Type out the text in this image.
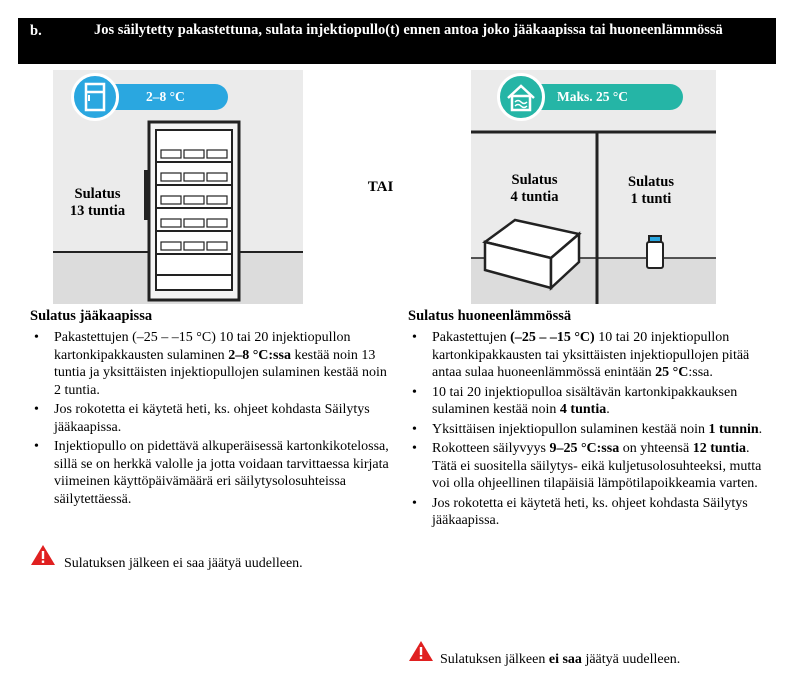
b.	Jos säilytetty pakastettuna, sulata injektiopullo(t) ennen antoa joko jääkaapissa tai huoneenlämmössä
2–8 °C
Sulatus
13 tuntia
TAI
Maks. 25 °C
Sulatus
4 tuntia
Sulatus
1 tunti
Sulatus jääkaapissa
• Pakastettujen (–25 – –15 °C) 10 tai 20 injektiopullon kartonkipakkausten sulaminen 2–8 °C:ssa kestää noin 13 tuntia ja yksittäisten injektiopullojen sulaminen kestää noin 2 tuntia.
• Jos rokotetta ei käytetä heti, ks. ohjeet kohdasta Säilytys jääkaapissa.
• Injektiopullo on pidettävä alkuperäisessä kartonkikotelossa, sillä se on herkkä valolle ja jotta voidaan tarvittaessa kirjata viimeinen käyttöpäivämäärä eri säilytysolosuhteissa säilytettäessä.
Sulatuksen jälkeen ei saa jäätyä uudelleen.
Sulatus huoneenlämmössä
• Pakastettujen (–25 – –15 °C) 10 tai 20 injektiopullon kartonkipakkausten tai yksittäisten injektiopullojen pitää antaa sulaa huoneenlämmössä enintään 25 °C:ssa.
• 10 tai 20 injektiopulloa sisältävän kartonkipakkauksen sulaminen kestää noin 4 tuntia.
• Yksittäisen injektiopullon sulaminen kestää noin 1 tunnin.
• Rokotteen säilyvyys 9–25 °C:ssa on yhteensä 12 tuntia. Tätä ei suositella säilytys- eikä kuljetusolosuhteeksi, mutta voi olla ohjeellinen tilapäisiä lämpötilapoikkeamia varten.
• Jos rokotetta ei käytetä heti, ks. ohjeet kohdasta Säilytys jääkaapissa.
Sulatuksen jälkeen ei saa jäätyä uudelleen.
